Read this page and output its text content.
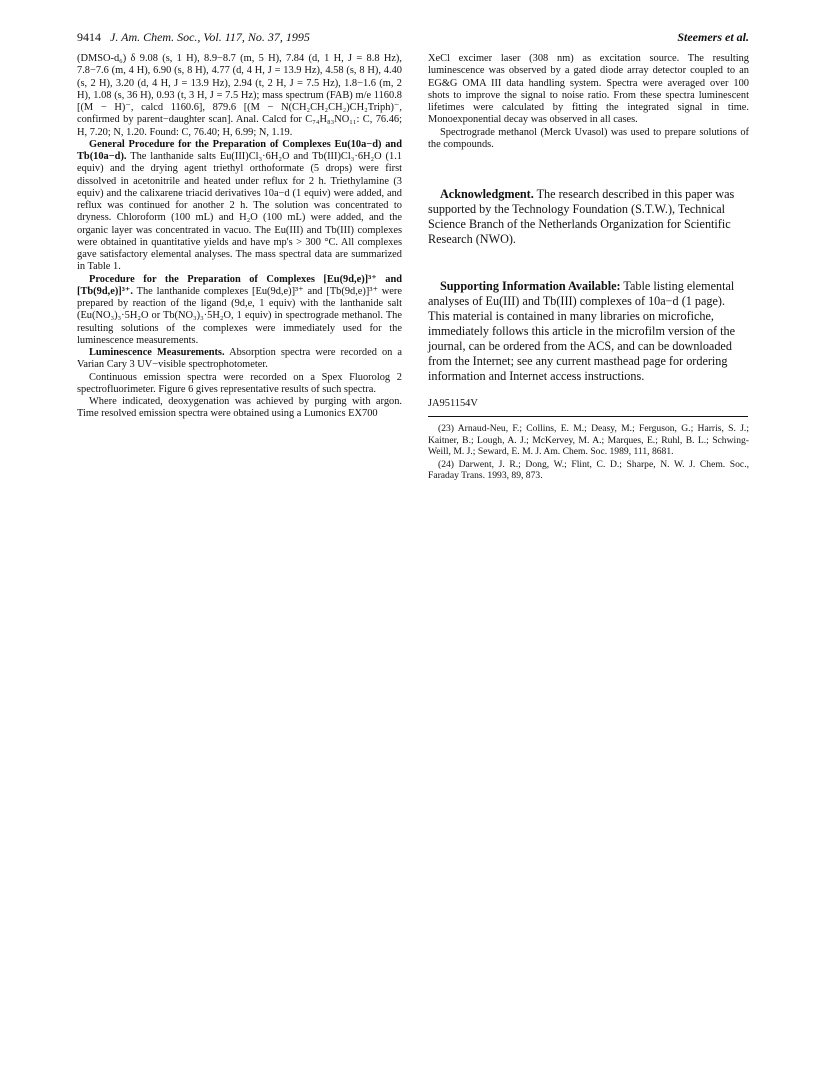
9414 J. Am. Chem. Soc., Vol. 117, No. 37, 1995	Steemers et al.

(DMSO-d₆) δ 9.08 (s, 1 H), 8.9−8.7 (m, 5 H), 7.84 (d, 1 H, J = 8.8 Hz), 7.8−7.6 (m, 4 H), 6.90 (s, 8 H), 4.77 (d, 4 H, J = 13.9 Hz), 4.58 (s, 8 H), 4.40 (s, 2 H), 3.20 (d, 4 H, J = 13.9 Hz), 2.94 (t, 2 H, J = 7.5 Hz), 1.8−1.6 (m, 2 H), 1.08 (s, 36 H), 0.93 (t, 3 H, J = 7.5 Hz); mass spectrum (FAB) m/e 1160.8 [(M − H)⁻, calcd 1160.6], 879.6 [(M − N(CH₂CH₂CH₂)CH₂Triph)⁻, confirmed by parent−daughter scan]. Anal. Calcd for C₇₄H₈₃NO₁₁: C, 76.46; H, 7.20; N, 1.20. Found: C, 76.40; H, 6.99; N, 1.19.

General Procedure for the Preparation of Complexes Eu(10a−d) and Tb(10a−d). The lanthanide salts Eu(III)Cl₃·6H₂O and Tb(III)Cl₃·6H₂O (1.1 equiv) and the drying agent triethyl orthoformate (5 drops) were first dissolved in acetonitrile and heated under reflux for 2 h. Triethylamine (3 equiv) and the calixarene triacid derivatives 10a−d (1 equiv) were added, and reflux was continued for another 2 h. The solution was concentrated to dryness. Chloroform (100 mL) and H₂O (100 mL) were added, and the organic layer was concentrated in vacuo. The Eu(III) and Tb(III) complexes were obtained in quantitative yields and have mp's > 300 °C. All complexes gave satisfactory elemental analyses. The mass spectral data are summarized in Table 1.

Procedure for the Preparation of Complexes [Eu(9d,e)]³⁺ and [Tb(9d,e)]³⁺. The lanthanide complexes [Eu(9d,e)]³⁺ and [Tb(9d,e)]³⁺ were prepared by reaction of the ligand (9d,e, 1 equiv) with the lanthanide salt (Eu(NO₃)₃·5H₂O or Tb(NO₃)₃·5H₂O, 1 equiv) in spectrograde methanol. The resulting solutions of the complexes were immediately used for the luminescence measurements.

Luminescence Measurements. Absorption spectra were recorded on a Varian Cary 3 UV−visible spectrophotometer.

Continuous emission spectra were recorded on a Spex Fluorolog 2 spectrofluorimeter. Figure 6 gives representative results of such spectra.

Where indicated, deoxygenation was achieved by purging with argon. Time resolved emission spectra were obtained using a Lumonics EX700

XeCl excimer laser (308 nm) as excitation source. The resulting luminescence was observed by a gated diode array detector coupled to an EG&G OMA III data handling system. Spectra were averaged over 100 shots to improve the signal to noise ratio. From these spectra luminescent lifetimes were calculated by fitting the integrated signal in time. Monoexponential decay was observed in all cases.

Spectrograde methanol (Merck Uvasol) was used to prepare solutions of the compounds.

Acknowledgment. The research described in this paper was supported by the Technology Foundation (S.T.W.), Technical Science Branch of the Netherlands Organization for Scientific Research (NWO).

Supporting Information Available: Table listing elemental analyses of Eu(III) and Tb(III) complexes of 10a−d (1 page). This material is contained in many libraries on microfiche, immediately follows this article in the microfilm version of the journal, can be ordered from the ACS, and can be downloaded from the Internet; see any current masthead page for ordering information and Internet access instructions.

JA951154V

(23) Arnaud-Neu, F.; Collins, E. M.; Deasy, M.; Ferguson, G.; Harris, S. J.; Kaitner, B.; Lough, A. J.; McKervey, M. A.; Marques, E.; Ruhl, B. L.; Schwing-Weill, M. J.; Seward, E. M. J. Am. Chem. Soc. 1989, 111, 8681.

(24) Darwent, J. R.; Dong, W.; Flint, C. D.; Sharpe, N. W. J. Chem. Soc., Faraday Trans. 1993, 89, 873.
